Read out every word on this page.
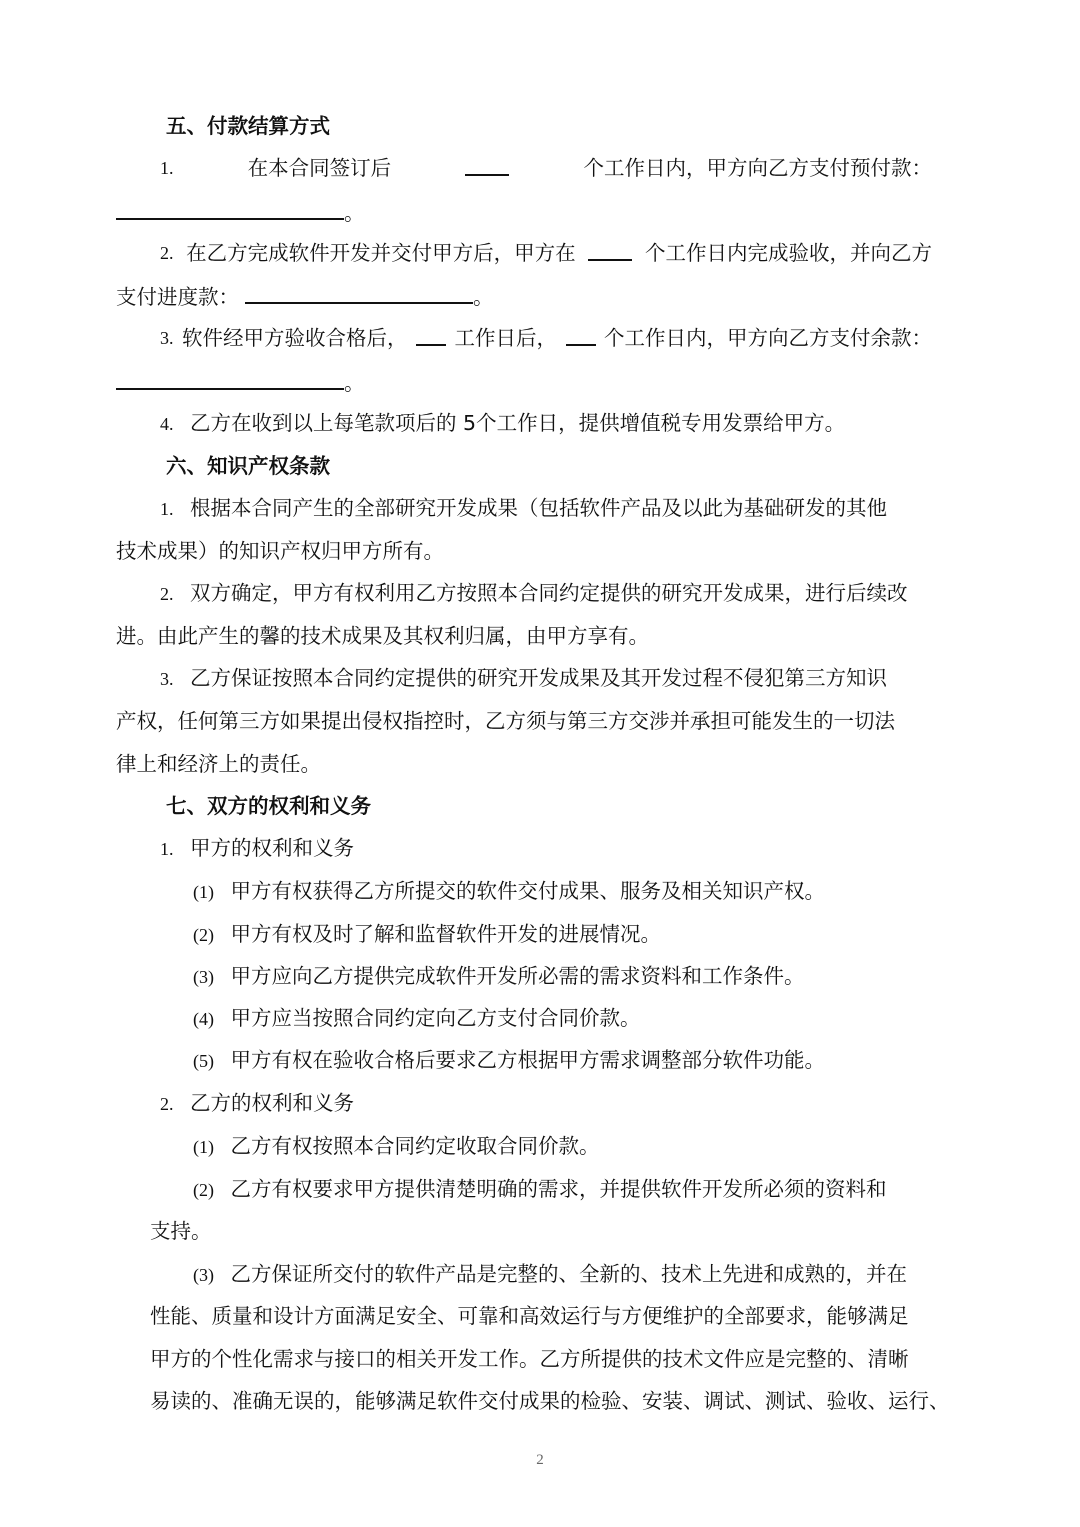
五、付款结算方式
1.	在本合同签订后	个工作日内，甲方向乙方支付预付款：
。
2. 在乙方完成软件开发并交付甲方后，甲方在	个工作日内完成验收，并向乙方
支付进度款：	。
3. 软件经甲方验收合格后， 工作日后， 个工作日内，甲方向乙方支付余款：
。
4. 乙方在收到以上每笔款项后的 5个工作日，提供增值税专用发票给甲方。
六、知识产权条款
1. 根据本合同产生的全部研究开发成果（包括软件产品及以此为基础研发的其他
技术成果）的知识产权归甲方所有。
2. 双方确定，甲方有权利用乙方按照本合同约定提供的研究开发成果，进行后续改
进。由此产生的馨的技术成果及其权利归属，由甲方享有。
3. 乙方保证按照本合同约定提供的研究开发成果及其开发过程不侵犯第三方知识
产权，任何第三方如果提出侵权指控时，乙方须与第三方交涉并承担可能发生的一切法
律上和经济上的责任。
七、双方的权利和义务
1. 甲方的权利和义务
(1) 甲方有权获得乙方所提交的软件交付成果、服务及相关知识产权。
(2) 甲方有权及时了解和监督软件开发的进展情况。
(3) 甲方应向乙方提供完成软件开发所必需的需求资料和工作条件。
(4) 甲方应当按照合同约定向乙方支付合同价款。
(5) 甲方有权在验收合格后要求乙方根据甲方需求调整部分软件功能。
2. 乙方的权利和义务
(1) 乙方有权按照本合同约定收取合同价款。
(2) 乙方有权要求甲方提供清楚明确的需求，并提供软件开发所必须的资料和
支持。
(3) 乙方保证所交付的软件产品是完整的、全新的、技术上先进和成熟的，并在
性能、质量和设计方面满足安全、可靠和高效运行与方便维护的全部要求，能够满足
甲方的个性化需求与接口的相关开发工作。乙方所提供的技术文件应是完整的、清晰
易读的、准确无误的，能够满足软件交付成果的检验、安装、调试、测试、验收、运行、
2
